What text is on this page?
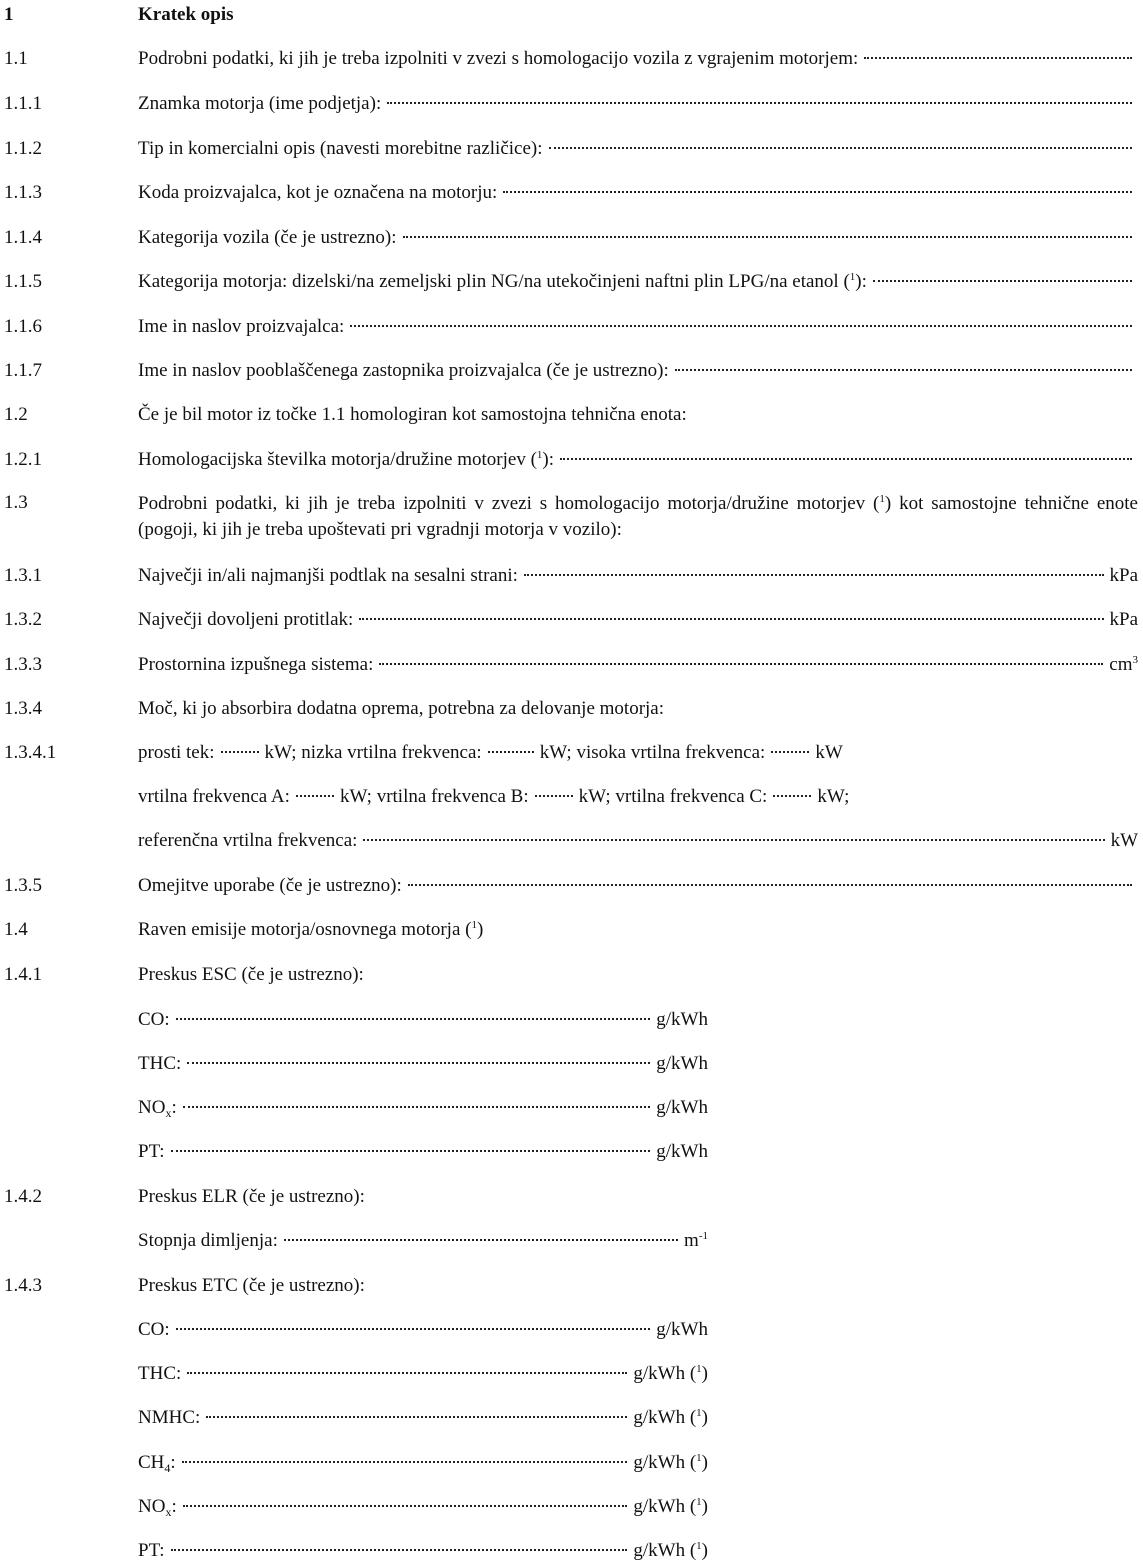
1	Kratek opis
1.1	Podrobni podatki, ki jih je treba izpolniti v zvezi s homologacijo vozila z vgrajenim motorjem:
1.1.1	Znamka motorja (ime podjetja):
1.1.2	Tip in komercialni opis (navesti morebitne različice):
1.1.3	Koda proizvajalca, kot je označena na motorju:
1.1.4	Kategorija vozila (če je ustrezno):
1.1.5	Kategorija motorja: dizelski/na zemeljski plin NG/na utekočinjeni naftni plin LPG/na etanol ($^1$):
1.1.6	Ime in naslov proizvajalca:
1.1.7	Ime in naslov pooblaščenega zastopnika proizvajalca (če je ustrezno):
1.2	Če je bil motor iz točke 1.1 homologiran kot samostojna tehnična enota:
1.2.1	Homologacijska številka motorja/družine motorjev ($^1$):
1.3	Podrobni podatki, ki jih je treba izpolniti v zvezi s homologacijo motorja/družine motorjev ($^1$) kot samostojne tehnične enote (pogoji, ki jih je treba upoštevati pri vgradnji motorja v vozilo):
1.3.1	Največji in/ali najmanjši podtlak na sesalni strani:	kPa
1.3.2	Največji dovoljeni protitlak:	kPa
1.3.3	Prostornina izpušnega sistema:	$cm^3$
1.3.4	Moč, ki jo absorbira dodatna oprema, potrebna za delovanje motorja:
1.3.4.1	prosti tek:	kW; nizka vrtilna frekvenca:	kW; visoka vrtilna frekvenca:	kW
vrtilna frekvenca A:	kW; vrtilna frekvenca B:	kW; vrtilna frekvenca C:	kW;
referenčna vrtilna frekvenca:	kW
1.3.5	Omejitve uporabe (če je ustrezno):
1.4	Raven emisije motorja/osnovnega motorja ($^1$)
1.4.1	Preskus ESC (če je ustrezno):
CO:	g/kWh
THC:	g/kWh
$NO_x$:	g/kWh
PT:	g/kWh
1.4.2	Preskus ELR (če je ustrezno):
Stopnja dimljenja:	$m^{-1}$
1.4.3	Preskus ETC (če je ustrezno):
CO:	g/kWh
THC:	g/kWh ($^1$)
NMHC:	g/kWh ($^1$)
$CH_4$:	g/kWh ($^1$)
$NO_x$:	g/kWh ($^1$)
PT:	g/kWh ($^1$)
